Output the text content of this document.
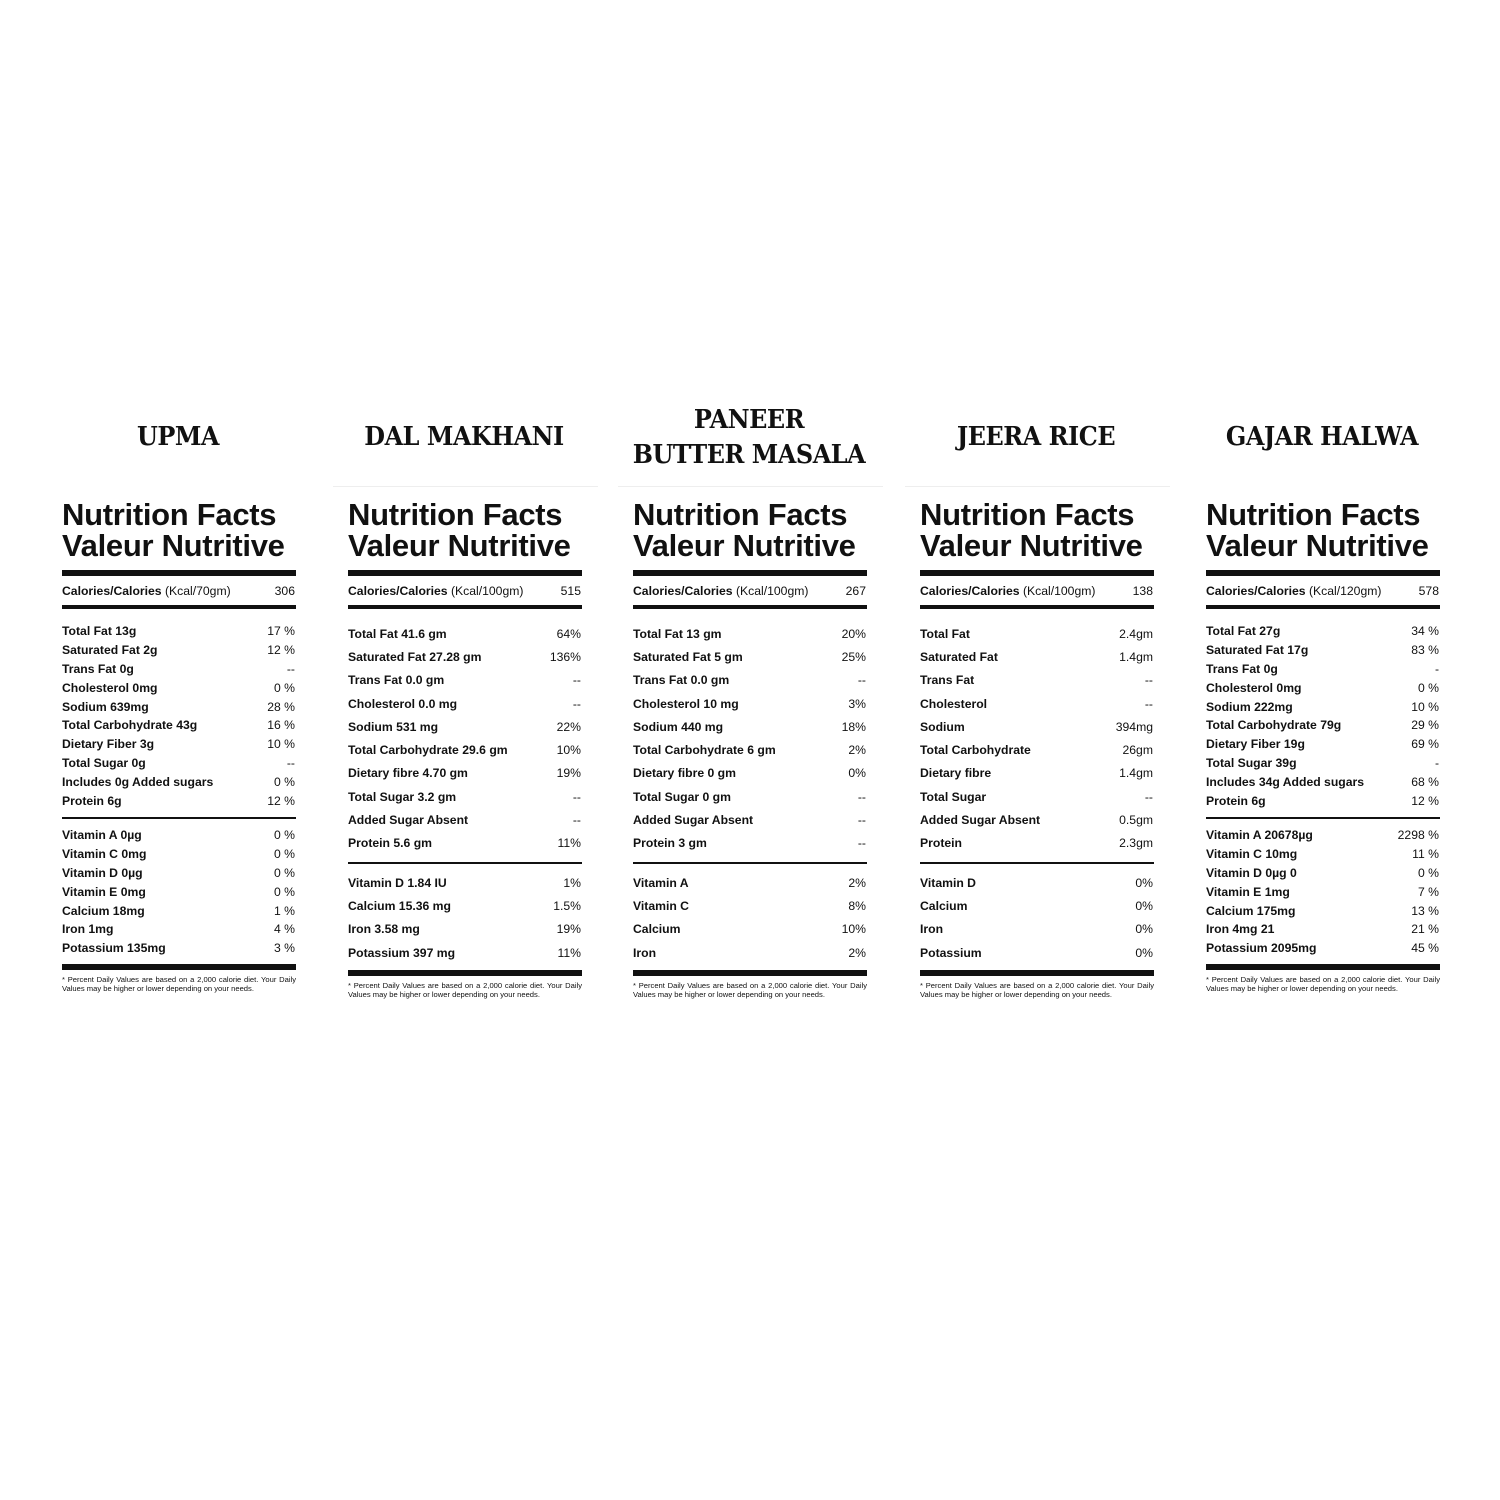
UPMA
Nutrition Facts
Valeur Nutritive
Calories/Calories (Kcal/70gm)	306
Total Fat 13g	17 %
Saturated Fat 2g	12 %
Trans Fat 0g	--
Cholesterol 0mg	0 %
Sodium 639mg	28 %
Total Carbohydrate 43g	16 %
Dietary Fiber 3g	10 %
Total Sugar 0g	--
Includes 0g Added sugars	0 %
Protein 6g	12 %
Vitamin A 0µg	0 %
Vitamin C 0mg	0 %
Vitamin D 0µg	0 %
Vitamin E 0mg	0 %
Calcium 18mg	1 %
Iron 1mg	4 %
Potassium 135mg	3 %
* Percent Daily Values are based on a 2,000 calorie diet. Your Daily Values may be higher or lower depending on your needs.
DAL MAKHANI
Nutrition Facts
Valeur Nutritive
Calories/Calories (Kcal/100gm)	515
Total Fat 41.6 gm	64%
Saturated Fat 27.28 gm	136%
Trans Fat 0.0 gm	--
Cholesterol 0.0 mg	--
Sodium 531 mg	22%
Total Carbohydrate 29.6 gm	10%
Dietary fibre 4.70 gm	19%
Total Sugar 3.2 gm	--
Added Sugar Absent	--
Protein 5.6 gm	11%
Vitamin D 1.84 IU	1%
Calcium 15.36 mg	1.5%
Iron 3.58 mg	19%
Potassium 397 mg	11%
* Percent Daily Values are based on a 2,000 calorie diet. Your Daily Values may be higher or lower depending on your needs.
PANEER
BUTTER MASALA
Nutrition Facts
Valeur Nutritive
Calories/Calories (Kcal/100gm)	267
Total Fat 13 gm	20%
Saturated Fat 5 gm	25%
Trans Fat 0.0 gm	--
Cholesterol 10 mg	3%
Sodium 440 mg	18%
Total Carbohydrate 6 gm	2%
Dietary fibre 0 gm	0%
Total Sugar 0 gm	--
Added Sugar Absent	--
Protein 3 gm	--
Vitamin A	2%
Vitamin C	8%
Calcium	10%
Iron	2%
* Percent Daily Values are based on a 2,000 calorie diet. Your Daily Values may be higher or lower depending on your needs.
JEERA RICE
Nutrition Facts
Valeur Nutritive
Calories/Calories (Kcal/100gm)	138
Total Fat	2.4gm
Saturated Fat	1.4gm
Trans Fat	--
Cholesterol	--
Sodium	394mg
Total Carbohydrate	26gm
Dietary fibre	1.4gm
Total Sugar	--
Added Sugar Absent	0.5gm
Protein	2.3gm
Vitamin D	0%
Calcium	0%
Iron	0%
Potassium	0%
* Percent Daily Values are based on a 2,000 calorie diet. Your Daily Values may be higher or lower depending on your needs.
GAJAR HALWA
Nutrition Facts
Valeur Nutritive
Calories/Calories (Kcal/120gm)	578
Total Fat 27g	34 %
Saturated Fat 17g	83 %
Trans Fat 0g	-
Cholesterol 0mg	0 %
Sodium 222mg	10 %
Total Carbohydrate 79g	29 %
Dietary Fiber 19g	69 %
Total Sugar 39g	-
Includes 34g Added sugars	68 %
Protein 6g	12 %
Vitamin A 20678µg	2298 %
Vitamin C 10mg	11 %
Vitamin D 0µg 0	0 %
Vitamin E 1mg	7 %
Calcium 175mg	13 %
Iron 4mg 21	21 %
Potassium 2095mg	45 %
* Percent Daily Values are based on a 2,000 calorie diet. Your Daily Values may be higher or lower depending on your needs.
